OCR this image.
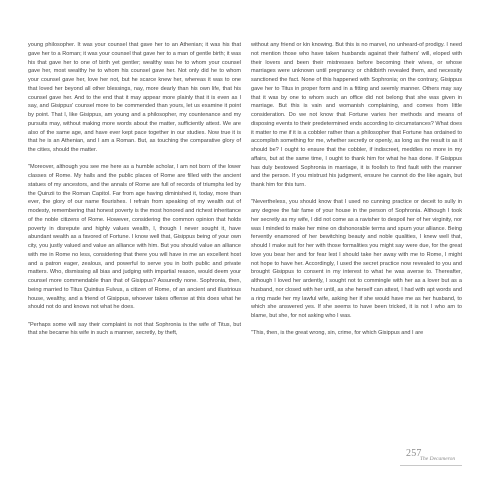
young philosopher. It was your counsel that gave her to an Athenian; it was his that gave her to a Roman; it was your counsel that gave her to a man of gentle birth; it was his that gave her to one of birth yet gentler; wealthy was he to whom your counsel gave her, most wealthy he to whom his counsel gave her. Not only did he to whom your counsel gave her, love her not, but he scarce knew her, whereas it was to one that loved her beyond all other blessings, nay, more dearly than his own life, that his counsel gave her. And to the end that it may appear more plainly that it is even as I say, and Gisippus' counsel more to be commended than yours, let us examine it point by point. That I, like Gisippus, am young and a philosopher, my countenance and my pursuits may, without making more words about the matter, sufficiently attest. We are also of the same age, and have ever kept pace together in our studies. Now true it is that he is an Athenian, and I am a Roman. But, as touching the comparative glory of the cities, should the matter.

"Moreover, although you see me here as a humble scholar, I am not born of the lower classes of Rome. My halls and the public places of Rome are filled with the ancient statues of my ancestors, and the annals of Rome are full of records of triumphs led by the Quinzii to the Roman Capitol. Far from age having diminished it, today, more than ever, the glory of our name flourishes. I refrain from speaking of my wealth out of modesty, remembering that honest poverty is the most honored and richest inheritance of the noble citizens of Rome. However, considering the common opinion that holds poverty in disrepute and highly values wealth, I, though I never sought it, have abundant wealth as a favored of Fortune. I know well that, Gisippus being of your own city, you justly valued and value an alliance with him. But you should value an alliance with me in Rome no less, considering that there you will have in me an excellent host and a patron eager, zealous, and powerful to serve you in both public and private matters. Who, dismissing all bias and judging with impartial reason, would deem your counsel more commendable than that of Gisippus? Assuredly none. Sophronia, then, being married to Titus Quintius Fulvus, a citizen of Rome, of an ancient and illustrious house, wealthy, and a friend of Gisippus, whoever takes offense at this does what he should not do and knows not what he does.

"Perhaps some will say their complaint is not that Sophronia is the wife of Titus, but that she became his wife in such a manner, secretly, by theft,

without any friend or kin knowing. But this is no marvel, no unheard-of prodigy. I need not mention those who have taken husbands against their fathers' will, eloped with their lovers and been their mistresses before becoming their wives, or whose marriages were unknown until pregnancy or childbirth revealed them, and necessity sanctioned the fact. None of this happened with Sophronia; on the contrary, Gisippus gave her to Titus in proper form and in a fitting and seemly manner. Others may say that it was by one to whom such an office did not belong that she was given in marriage. But this is vain and womanish complaining, and comes from little consideration. Do we not know that Fortune varies her methods and means of disposing events to their predetermined ends according to circumstances? What does it matter to me if it is a cobbler rather than a philosopher that Fortune has ordained to accomplish something for me, whether secretly or openly, as long as the result is as it should be? I ought to ensure that the cobbler, if indiscreet, meddles no more in my affairs, but at the same time, I ought to thank him for what he has done. If Gisippus has duly bestowed Sophronia in marriage, it is foolish to find fault with the manner and the person. If you mistrust his judgment, ensure he cannot do the like again, but thank him for this turn.

"Nevertheless, you should know that I used no cunning practice or deceit to sully in any degree the fair fame of your house in the person of Sophronia. Although I took her secretly as my wife, I did not come as a ravisher to despoil her of her virginity, nor was I minded to make her mine on dishonorable terms and spurn your alliance. Being fervently enamored of her bewitching beauty and noble qualities, I knew well that, should I make suit for her with those formalities you might say were due, for the great love you bear her and for fear lest I should take her away with me to Rome, I might not hope to have her. Accordingly, I used the secret practice now revealed to you and brought Gisippus to consent in my interest to what he was averse to. Thereafter, although I loved her ardently, I sought not to commingle with her as a lover but as a husband, nor closed with her until, as she herself can attest, I had with apt words and a ring made her my lawful wife, asking her if she would have me as her husband, to which she answered yes. If she seems to have been tricked, it is not I who am to blame, but she, for not asking who I was.

"This, then, is the great wrong, sin, crime, for which Gisippus and I are

257
The Decameron
